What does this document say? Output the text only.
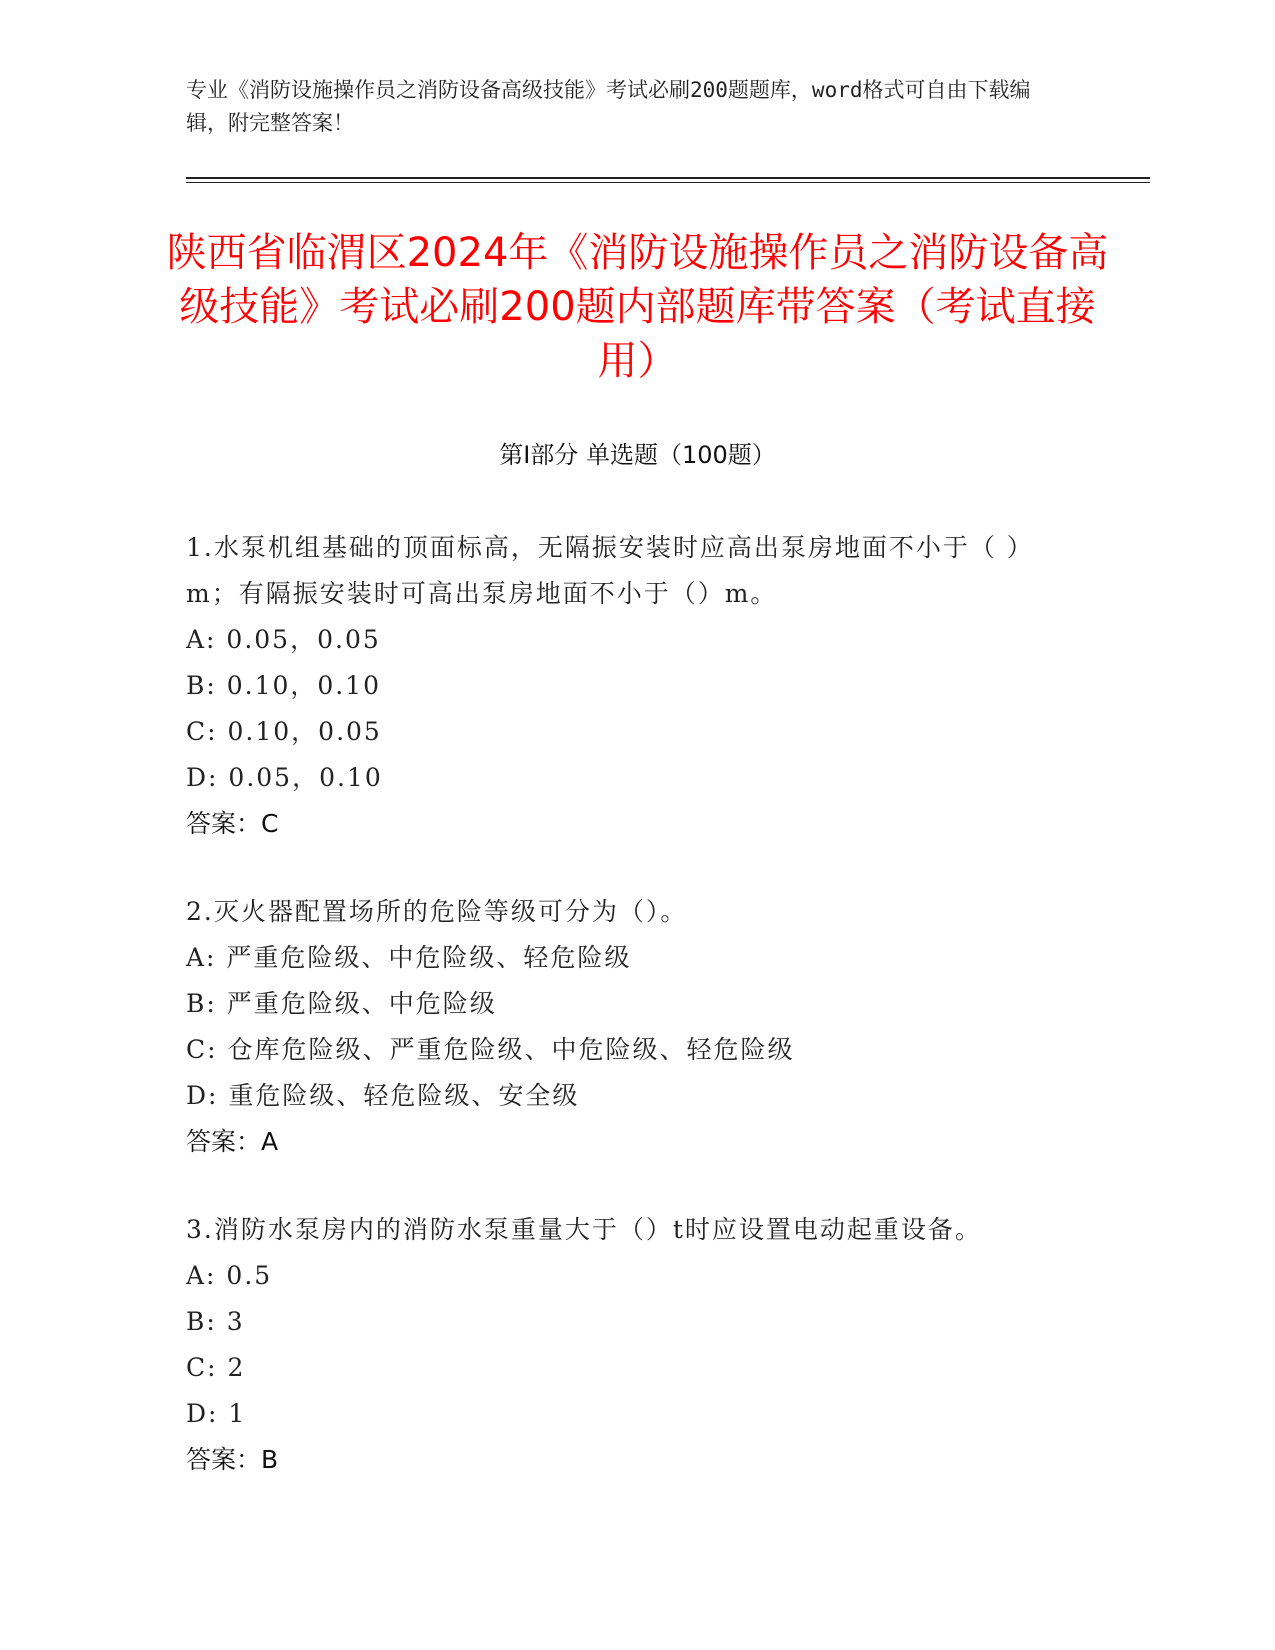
专业《消防设施操作员之消防设备高级技能》考试必刷200题题库，word格式可自由下载编辑，附完整答案！
陕西省临渭区2024年《消防设施操作员之消防设备高级技能》考试必刷200题内部题库带答案（考试直接用）
第Ⅰ部分 单选题（100题）

1.水泵机组基础的顶面标高，无隔振安装时应高出泵房地面不小于（ ）m；有隔振安装时可高出泵房地面不小于（）m。

A: 0.05，0.05

B: 0.10，0.10

C: 0.10，0.05

D: 0.05，0.10

答案：C

2.灭火器配置场所的危险等级可分为（）。

A: 严重危险级、中危险级、轻危险级

B: 严重危险级、中危险级

C: 仓库危险级、严重危险级、中危险级、轻危险级

D: 重危险级、轻危险级、安全级

答案：A

3.消防水泵房内的消防水泵重量大于（）t时应设置电动起重设备。

A: 0.5

B: 3

C: 2

D: 1

答案：B
